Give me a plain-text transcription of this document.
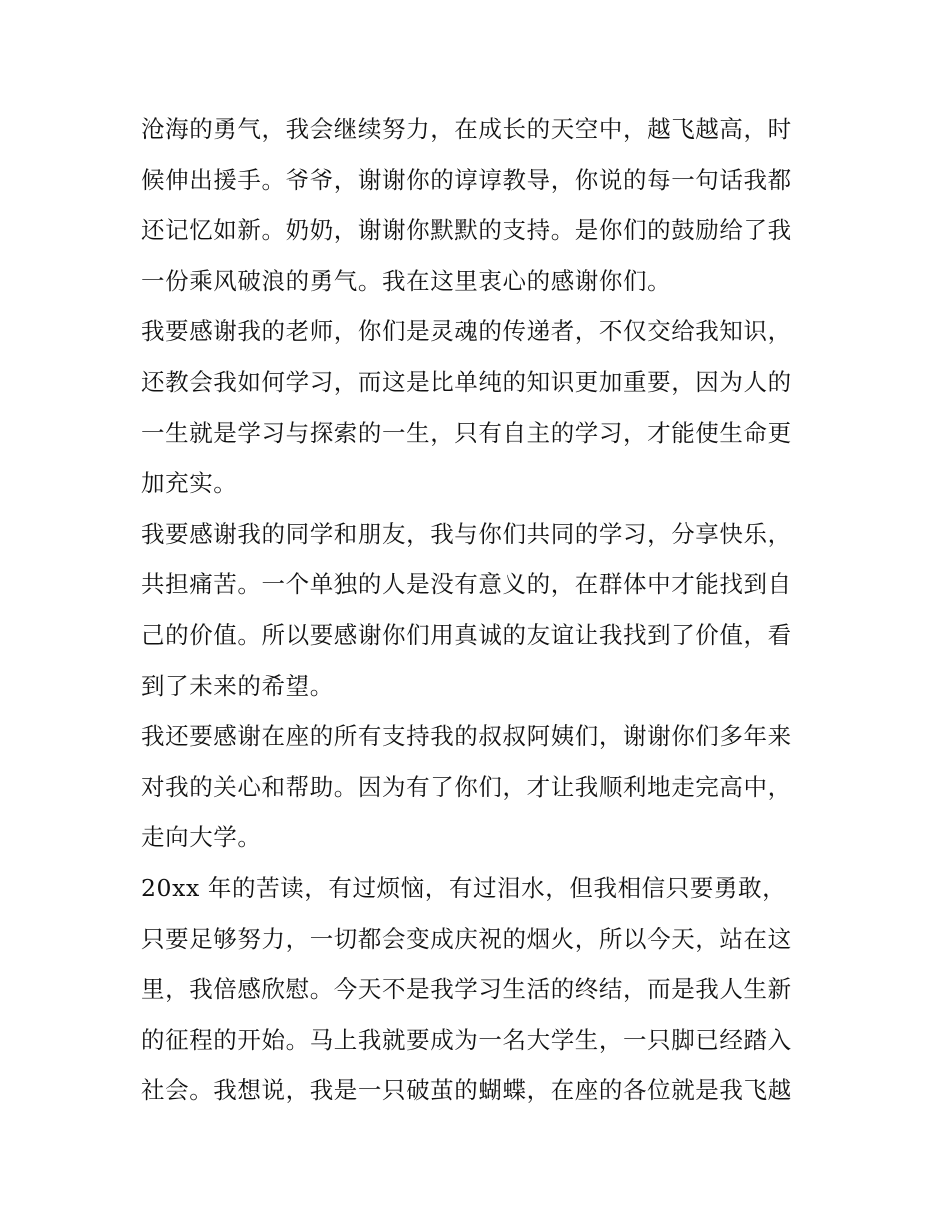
沧海的勇气，我会继续努力，在成长的天空中，越飞越高，时
候伸出援手。爷爷，谢谢你的谆谆教导，你说的每一句话我都
还记忆如新。奶奶，谢谢你默默的支持。是你们的鼓励给了我
一份乘风破浪的勇气。我在这里衷心的感谢你们。
我要感谢我的老师，你们是灵魂的传递者，不仅交给我知识，
还教会我如何学习，而这是比单纯的知识更加重要，因为人的
一生就是学习与探索的一生，只有自主的学习，才能使生命更
加充实。
我要感谢我的同学和朋友，我与你们共同的学习，分享快乐，
共担痛苦。一个单独的人是没有意义的，在群体中才能找到自
己的价值。所以要感谢你们用真诚的友谊让我找到了价值，看
到了未来的希望。
我还要感谢在座的所有支持我的叔叔阿姨们，谢谢你们多年来
对我的关心和帮助。因为有了你们，才让我顺利地走完高中，
走向大学。
20xx 年的苦读，有过烦恼，有过泪水，但我相信只要勇敢，
只要足够努力，一切都会变成庆祝的烟火，所以今天，站在这
里，我倍感欣慰。今天不是我学习生活的终结，而是我人生新
的征程的开始。马上我就要成为一名大学生，一只脚已经踏入
社会。我想说，我是一只破茧的蝴蝶，在座的各位就是我飞越
